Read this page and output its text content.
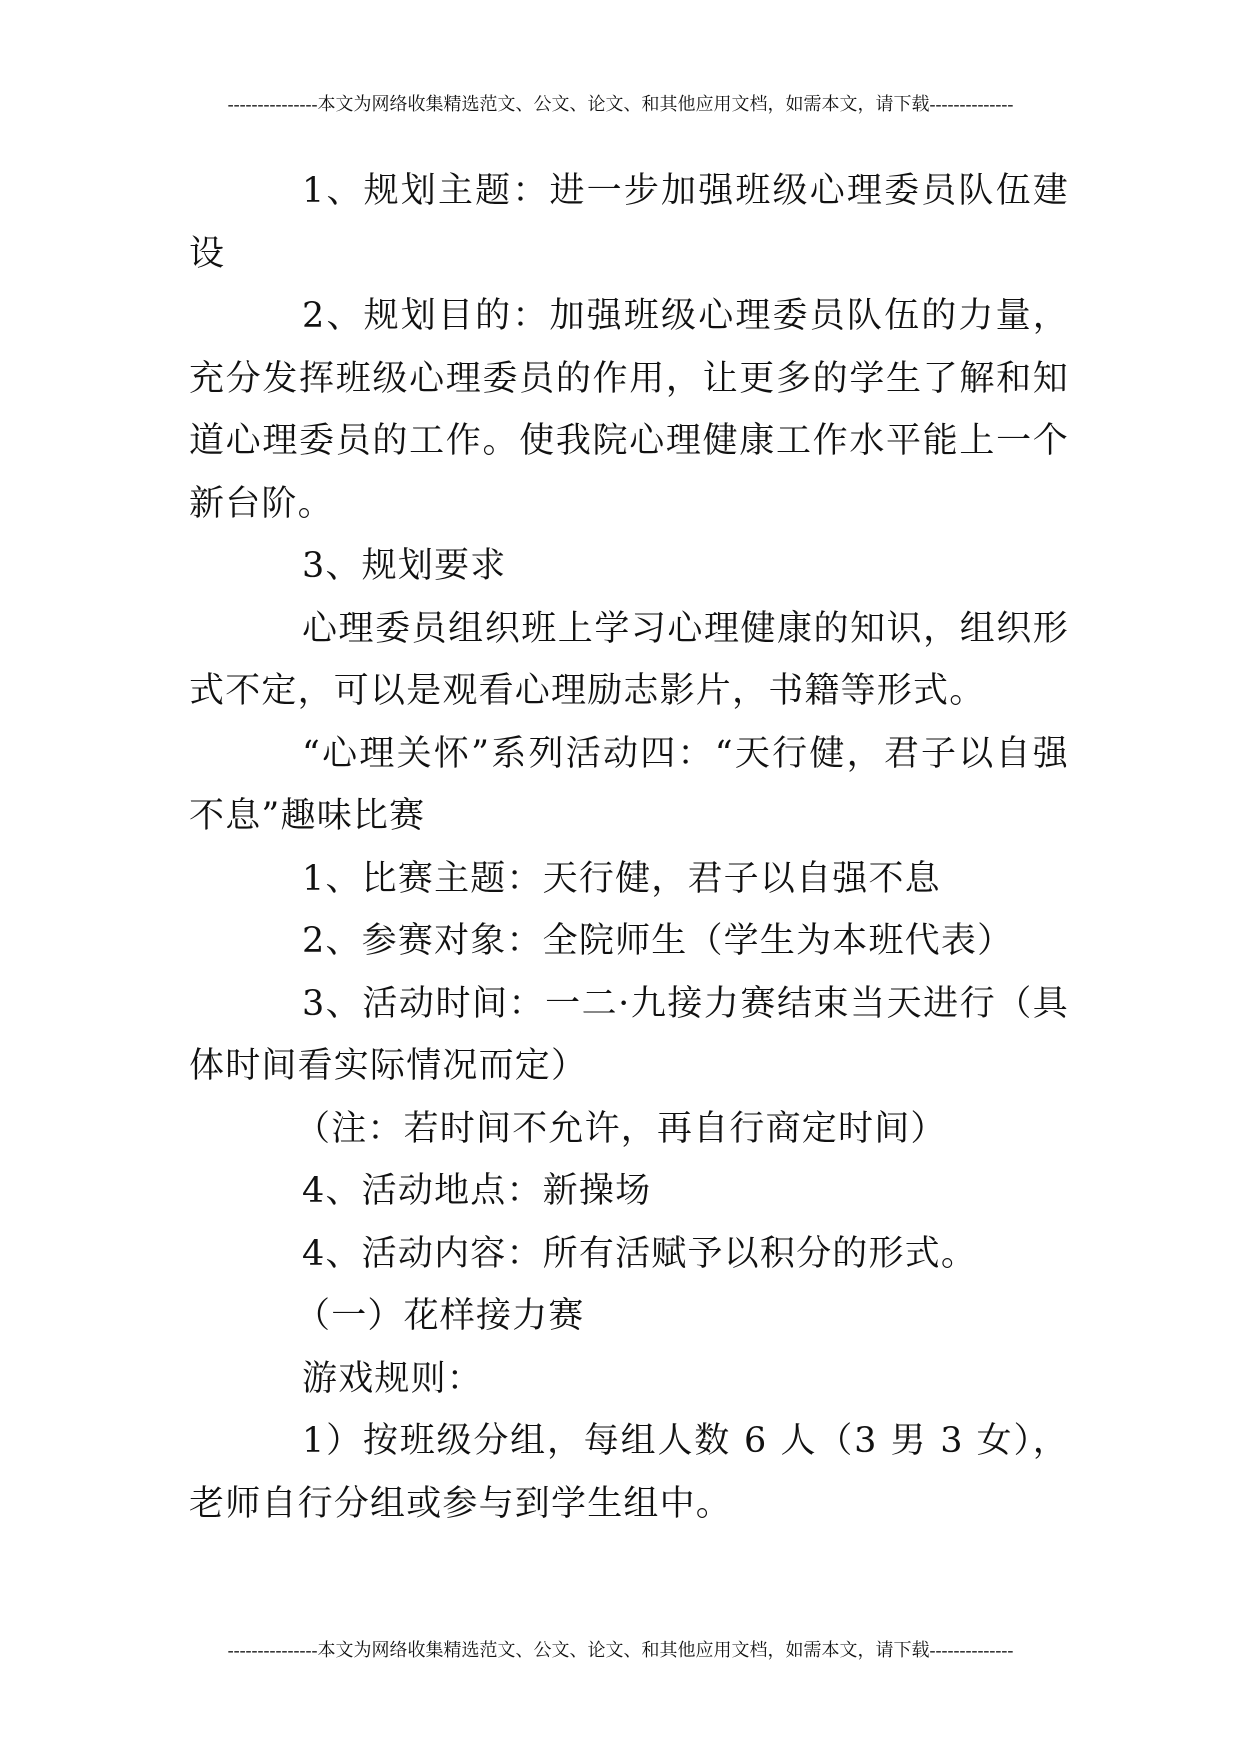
---------------本文为网络收集精选范文、公文、论文、和其他应用文档，如需本文，请下载--------------

1、规划主题：进一步加强班级心理委员队伍建设

2、规划目的：加强班级心理委员队伍的力量，充分发挥班级心理委员的作用，让更多的学生了解和知道心理委员的工作。使我院心理健康工作水平能上一个新台阶。

3、规划要求

心理委员组织班上学习心理健康的知识，组织形式不定，可以是观看心理励志影片，书籍等形式。

“心理关怀”系列活动四：“天行健，君子以自强不息”趣味比赛

1、比赛主题：天行健，君子以自强不息

2、参赛对象：全院师生（学生为本班代表）

3、活动时间：一二·九接力赛结束当天进行（具体时间看实际情况而定）

（注：若时间不允许，再自行商定时间）

4、活动地点：新操场

4、活动内容：所有活赋予以积分的形式。

（一）花样接力赛

游戏规则：

1）按班级分组，每组人数 6 人（3 男 3 女），老师自行分组或参与到学生组中。

---------------本文为网络收集精选范文、公文、论文、和其他应用文档，如需本文，请下载--------------
